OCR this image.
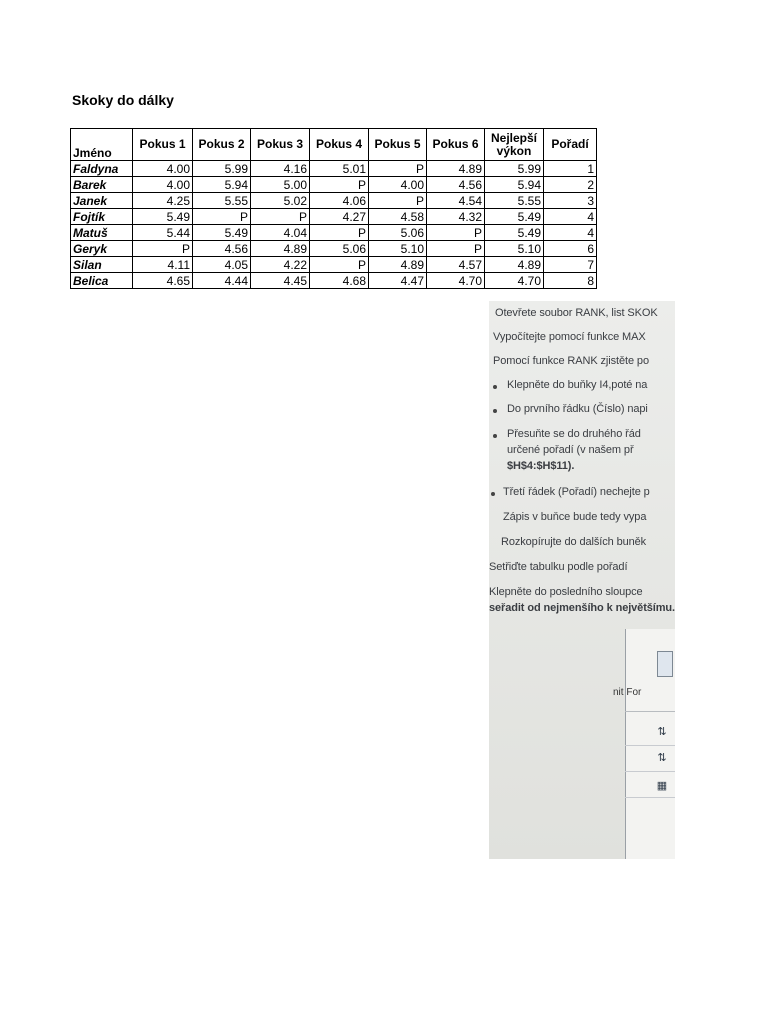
Skoky do dálky
Jméno	Pokus 1	Pokus 2	Pokus 3	Pokus 4	Pokus 5	Pokus 6	Nejlepší výkon	Pořadí
Faldyna	4.00	5.99	4.16	5.01	P	4.89	5.99	1
Barek	4.00	5.94	5.00	P	4.00	4.56	5.94	2
Janek	4.25	5.55	5.02	4.06	P	4.54	5.55	3
Fojtík	5.49	P	P	4.27	4.58	4.32	5.49	4
Matuš	5.44	5.49	4.04	P	5.06	P	5.49	4
Geryk	P	4.56	4.89	5.06	5.10	P	5.10	6
Silan	4.11	4.05	4.22	P	4.89	4.57	4.89	7
Belica	4.65	4.44	4.45	4.68	4.47	4.70	4.70	8
Otevřete soubor RANK, list SKOK
Vypočítejte pomocí funkce MAX
Pomocí funkce RANK zjistěte po
Klepněte do buňky I4,poté na
Do prvního řádku (Číslo) napi
Přesuňte se do druhého řád
určené pořadí (v našem př
$H$4:$H$11).
Třetí řádek (Pořadí) nechejte p
Zápis v buňce bude tedy vypa
Rozkopírujte do dalších buněk
Setřiďte tabulku podle pořadí
Klepněte do posledního sloupce
seřadit od nejmenšího k největšímu.
nit For
⇅
⇅
▦
